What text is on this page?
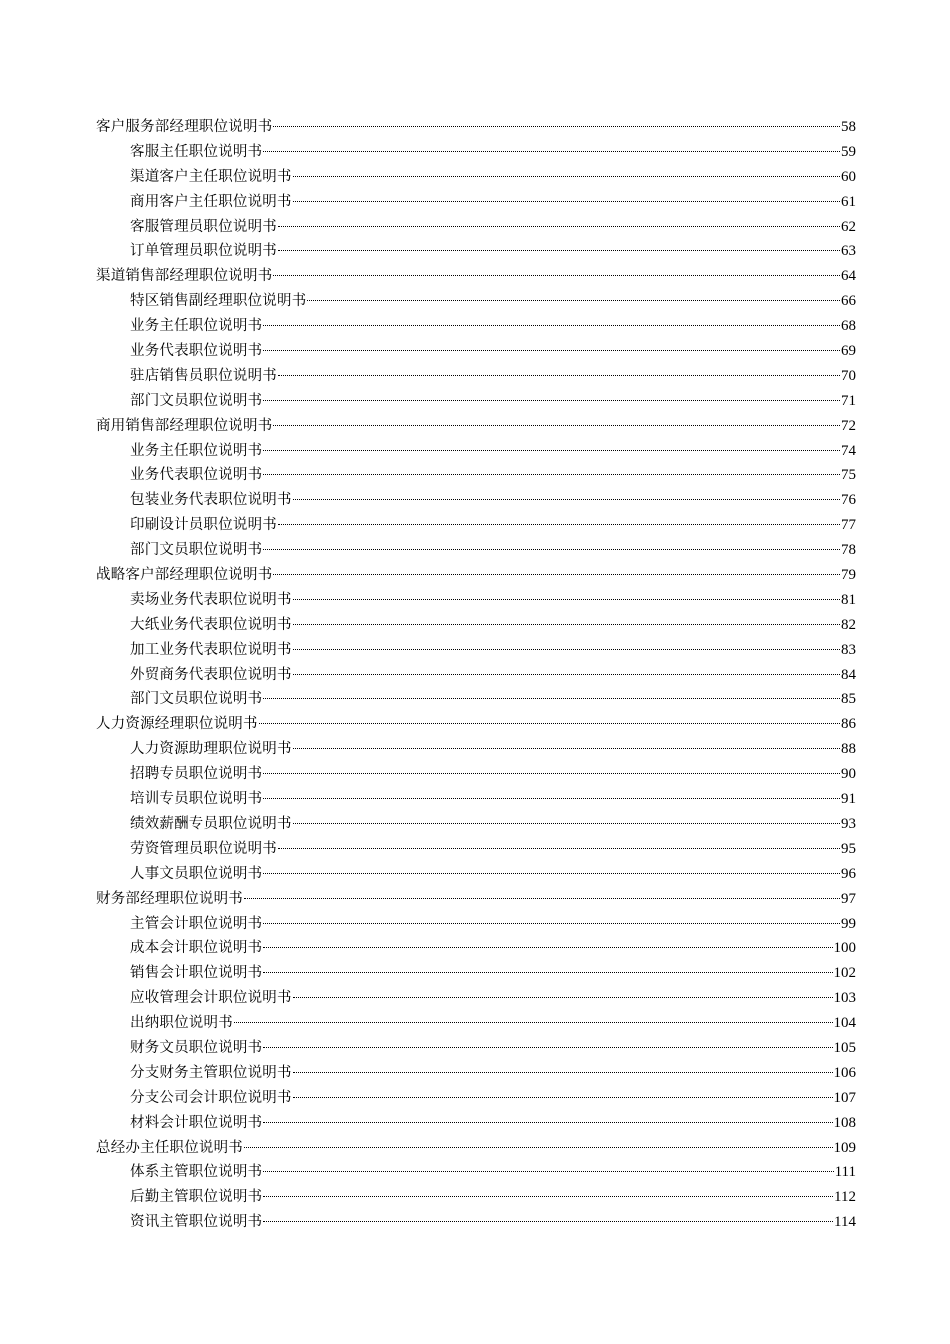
客户服务部经理职位说明书	58
客服主任职位说明书	59
渠道客户主任职位说明书	60
商用客户主任职位说明书	61
客服管理员职位说明书	62
订单管理员职位说明书	63
渠道销售部经理职位说明书	64
特区销售副经理职位说明书	66
业务主任职位说明书	68
业务代表职位说明书	69
驻店销售员职位说明书	70
部门文员职位说明书	71
商用销售部经理职位说明书	72
业务主任职位说明书	74
业务代表职位说明书	75
包装业务代表职位说明书	76
印刷设计员职位说明书	77
部门文员职位说明书	78
战略客户部经理职位说明书	79
卖场业务代表职位说明书	81
大纸业务代表职位说明书	82
加工业务代表职位说明书	83
外贸商务代表职位说明书	84
部门文员职位说明书	85
人力资源经理职位说明书	86
人力资源助理职位说明书	88
招聘专员职位说明书	90
培训专员职位说明书	91
绩效薪酬专员职位说明书	93
劳资管理员职位说明书	95
人事文员职位说明书	96
财务部经理职位说明书	97
主管会计职位说明书	99
成本会计职位说明书	100
销售会计职位说明书	102
应收管理会计职位说明书	103
出纳职位说明书	104
财务文员职位说明书	105
分支财务主管职位说明书	106
分支公司会计职位说明书	107
材料会计职位说明书	108
总经办主任职位说明书	109
体系主管职位说明书	111
后勤主管职位说明书	112
资讯主管职位说明书	114
